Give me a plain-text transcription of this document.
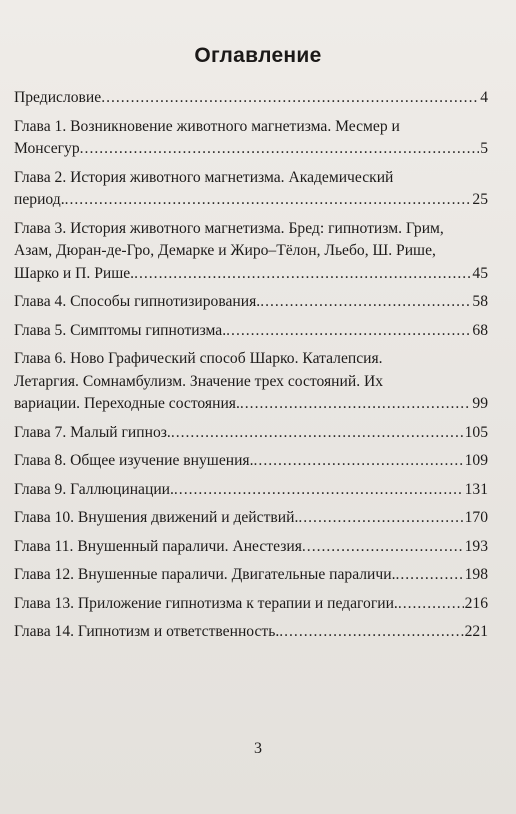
Оглавление
Предисловие .....	4
Глава 1. Возникновение животного магнетизма. Месмер и
Монсегур .....	5
Глава 2. История животного магнетизма. Академический
период. .....	25
Глава 3. История животного магнетизма. Бред: гипнотизм. Грим,
Азам, Дюран-де-Гро, Демарке и Жиро–Тёлон, Льебо, Ш. Рише,
Шарко и П. Рише. .....	45
Глава 4. Способы гипнотизирования. .....	58
Глава 5. Симптомы гипнотизма. .....	68
Глава 6. Ново Графический способ Шарко. Каталепсия.
Летаргия. Сомнамбулизм. Значение трех состояний. Их
вариации. Переходные состояния. .....	99
Глава 7. Малый гипноз. .....	105
Глава 8. Общее изучение внушения. .....	109
Глава 9. Галлюцинации. .....	131
Глава 10. Внушения движений и действий. .....	170
Глава 11. Внушенный параличи. Анестезия .....	193
Глава 12. Внушенные параличи. Двигательные параличи. .....	198
Глава 13. Приложение гипнотизма к терапии и педагогии. .....	216
Глава 14. Гипнотизм и ответственность. .....	221
3
